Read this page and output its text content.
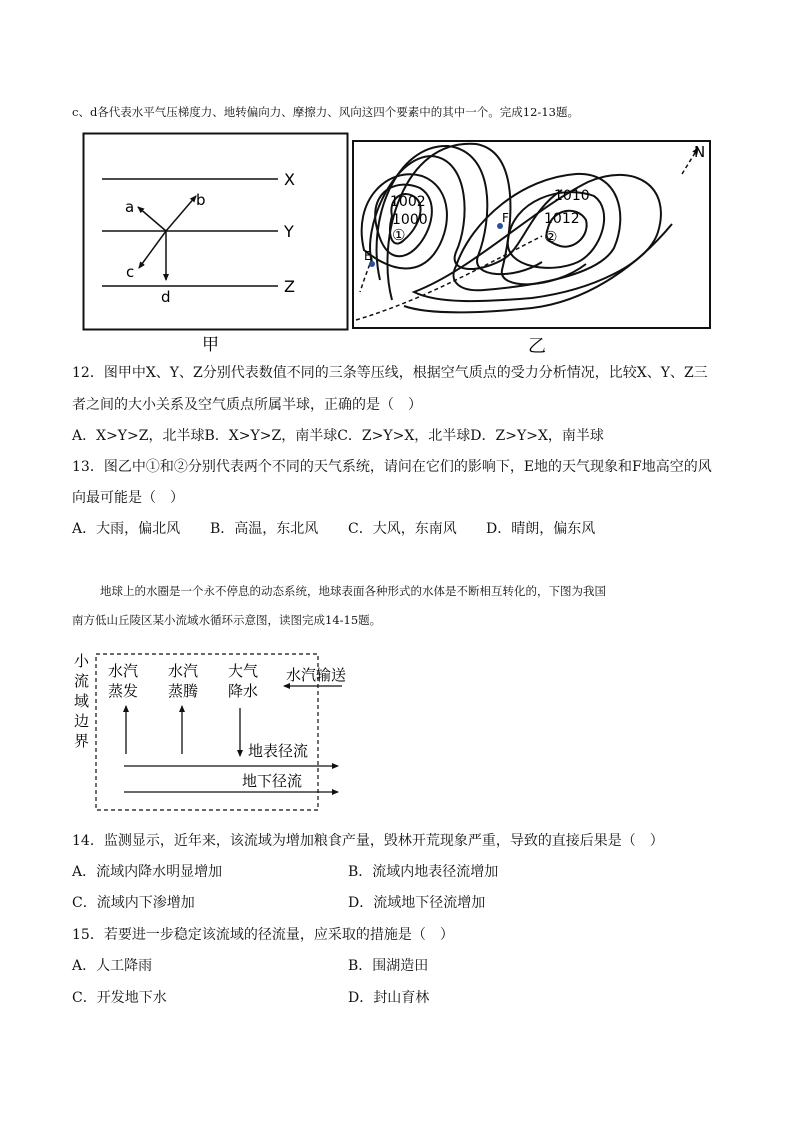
c、d各代表水平气压梯度力、地转偏向力、摩擦力、风向这四个要素中的其中一个。完成12-13题。
X
Y
Z
a	b
c
d
甲
N
1002
1000
1010
1012
①	②
E
F
乙
12．图甲中X、Y、Z分别代表数值不同的三条等压线，根据空气质点的受力分析情况，比较X、Y、Z三
者之间的大小关系及空气质点所属半球，正确的是（　）
A．X>Y>Z，北半球B．X>Y>Z，南半球C．Z>Y>X，北半球D．Z>Y>X，南半球
13．图乙中①和②分别代表两个不同的天气系统，请问在它们的影响下，E地的天气现象和F地高空的风
向最可能是（　）
A．大雨，偏北风 B．高温，东北风 C．大风，东南风 D．晴朗，偏东风
地球上的水圈是一个永不停息的动态系统，地球表面各种形式的水体是不断相互转化的，下图为我国
南方低山丘陵区某小流域水循环示意图，读图完成14-15题。
小
流
域
边
界
水汽
蒸发
水汽
蒸腾
大气
降水
水汽输送
地表径流
地下径流
14．监测显示，近年来，该流域为增加粮食产量，毁林开荒现象严重，导致的直接后果是（　）
A．流域内降水明显增加	B．流域内地表径流增加
C．流域内下渗增加	D．流域地下径流增加
15．若要进一步稳定该流域的径流量，应采取的措施是（　）
A．人工降雨	B．围湖造田
C．开发地下水	D．封山育林
